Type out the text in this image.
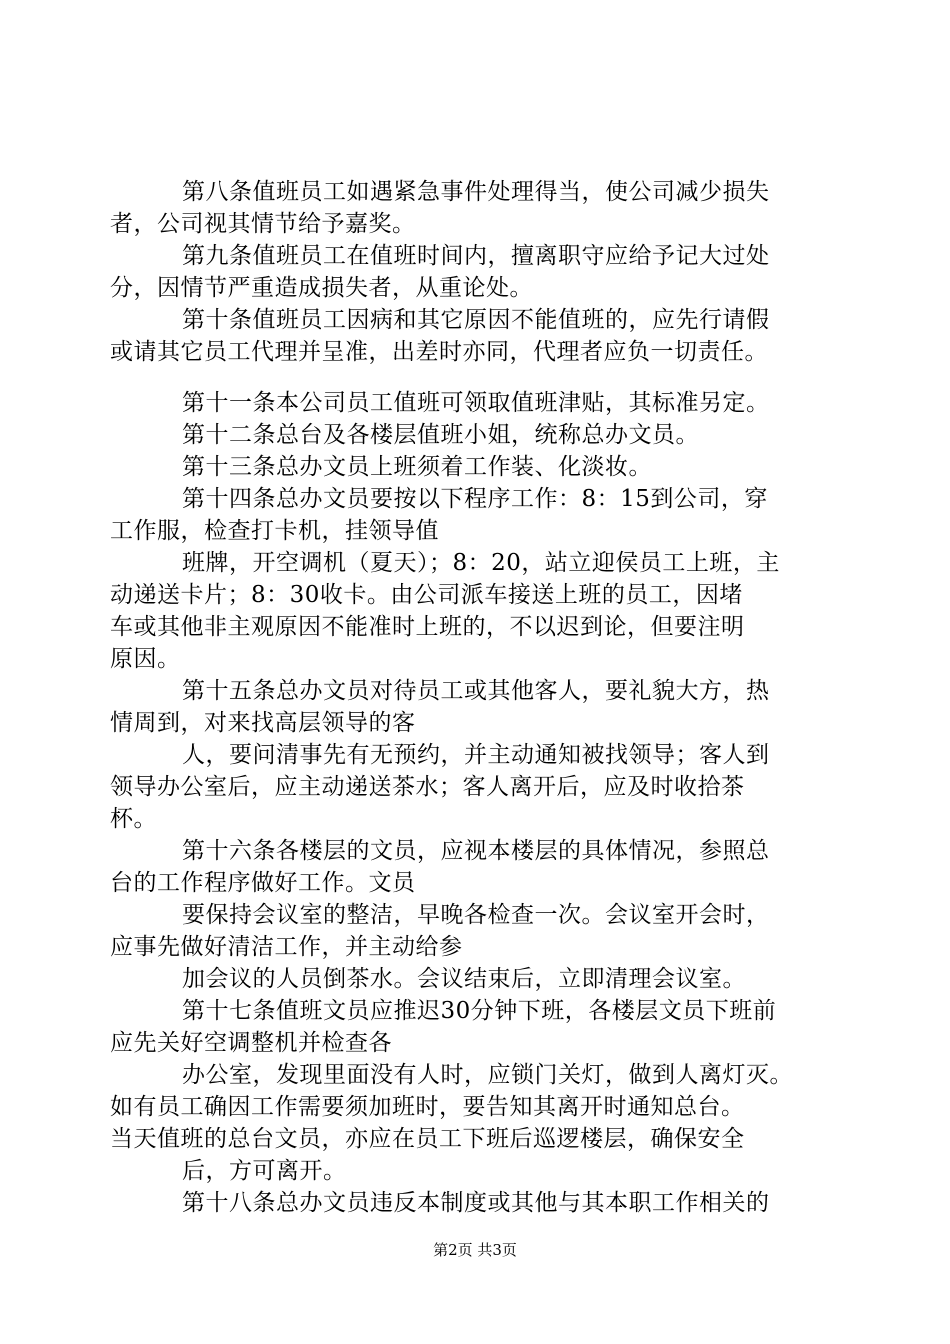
第八条值班员工如遇紧急事件处理得当，使公司减少损失
者，公司视其情节给予嘉奖。
第九条值班员工在值班时间内，擅离职守应给予记大过处
分，因情节严重造成损失者，从重论处。
第十条值班员工因病和其它原因不能值班的，应先行请假
或请其它员工代理并呈准，出差时亦同，代理者应负一切责任。
第十一条本公司员工值班可领取值班津贴，其标准另定。
第十二条总台及各楼层值班小姐，统称总办文员。
第十三条总办文员上班须着工作装、化淡妆。
第十四条总办文员要按以下程序工作：8：15到公司，穿
工作服，检查打卡机，挂领导值
班牌，开空调机（夏天）；8：20，站立迎侯员工上班，主
动递送卡片；8：30收卡。由公司派车接送上班的员工，因堵
车或其他非主观原因不能准时上班的，不以迟到论，但要注明
原因。
第十五条总办文员对待员工或其他客人，要礼貌大方，热
情周到，对来找高层领导的客
人，要问清事先有无预约，并主动通知被找领导；客人到
领导办公室后，应主动递送茶水；客人离开后，应及时收拾茶
杯。
第十六条各楼层的文员，应视本楼层的具体情况，参照总
台的工作程序做好工作。文员
要保持会议室的整洁，早晚各检查一次。会议室开会时，
应事先做好清洁工作，并主动给参
加会议的人员倒茶水。会议结束后，立即清理会议室。
第十七条值班文员应推迟30分钟下班，各楼层文员下班前
应先关好空调整机并检查各
办公室，发现里面没有人时，应锁门关灯，做到人离灯灭。
如有员工确因工作需要须加班时，要告知其离开时通知总台。
当天值班的总台文员，亦应在员工下班后巡逻楼层，确保安全
后，方可离开。
第十八条总办文员违反本制度或其他与其本职工作相关的
第2页 共3页
